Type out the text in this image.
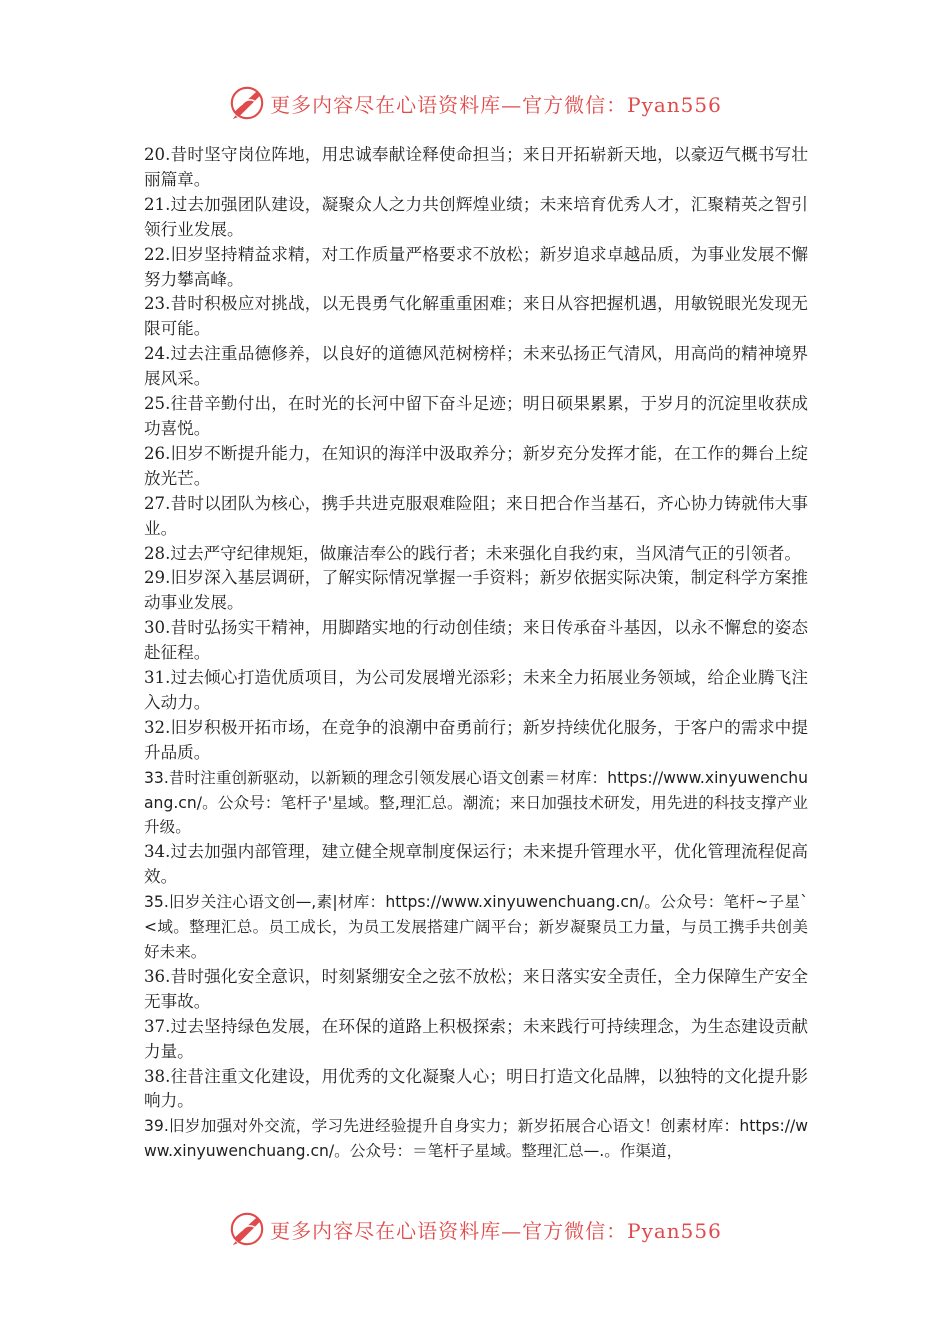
更多内容尽在心语资料库—官方微信：Pyan556

20.昔时坚守岗位阵地，用忠诚奉献诠释使命担当；来日开拓崭新天地，以豪迈气概书写壮丽篇章。

21.过去加强团队建设，凝聚众人之力共创辉煌业绩；未来培育优秀人才，汇聚精英之智引领行业发展。

22.旧岁坚持精益求精，对工作质量严格要求不放松；新岁追求卓越品质，为事业发展不懈努力攀高峰。

23.昔时积极应对挑战，以无畏勇气化解重重困难；来日从容把握机遇，用敏锐眼光发现无限可能。

24.过去注重品德修养，以良好的道德风范树榜样；未来弘扬正气清风，用高尚的精神境界展风采。

25.往昔辛勤付出，在时光的长河中留下奋斗足迹；明日硕果累累，于岁月的沉淀里收获成功喜悦。

26.旧岁不断提升能力，在知识的海洋中汲取养分；新岁充分发挥才能，在工作的舞台上绽放光芒。

27.昔时以团队为核心，携手共进克服艰难险阻；来日把合作当基石，齐心协力铸就伟大事业。

28.过去严守纪律规矩，做廉洁奉公的践行者；未来强化自我约束，当风清气正的引领者。

29.旧岁深入基层调研，了解实际情况掌握一手资料；新岁依据实际决策，制定科学方案推动事业发展。

30.昔时弘扬实干精神，用脚踏实地的行动创佳绩；来日传承奋斗基因，以永不懈怠的姿态赴征程。

31.过去倾心打造优质项目，为公司发展增光添彩；未来全力拓展业务领域，给企业腾飞注入动力。

32.旧岁积极开拓市场，在竞争的浪潮中奋勇前行；新岁持续优化服务，于客户的需求中提升品质。

33.昔时注重创新驱动，以新颖的理念引领发展心语文创素＝材库：https://www.xinyuwenchuang.cn/。公众号：笔杆子'星域。整,理汇总。潮流；来日加强技术研发，用先进的科技支撑产业升级。

34.过去加强内部管理，建立健全规章制度保运行；未来提升管理水平，优化管理流程促高效。

35.旧岁关注心语文创—,素|材库：https://www.xinyuwenchuang.cn/。公众号：笔杆~子星`<域。整理汇总。员工成长，为员工发展搭建广阔平台；新岁凝聚员工力量，与员工携手共创美好未来。

36.昔时强化安全意识，时刻紧绷安全之弦不放松；来日落实安全责任，全力保障生产安全无事故。

37.过去坚持绿色发展，在环保的道路上积极探索；未来践行可持续理念，为生态建设贡献力量。

38.往昔注重文化建设，用优秀的文化凝聚人心；明日打造文化品牌，以独特的文化提升影响力。

39.旧岁加强对外交流，学习先进经验提升自身实力；新岁拓展合心语文！创素材库：https://www.xinyuwenchuang.cn/。公众号：＝笔杆子星域。整理汇总—.。作渠道，

更多内容尽在心语资料库—官方微信：Pyan556
